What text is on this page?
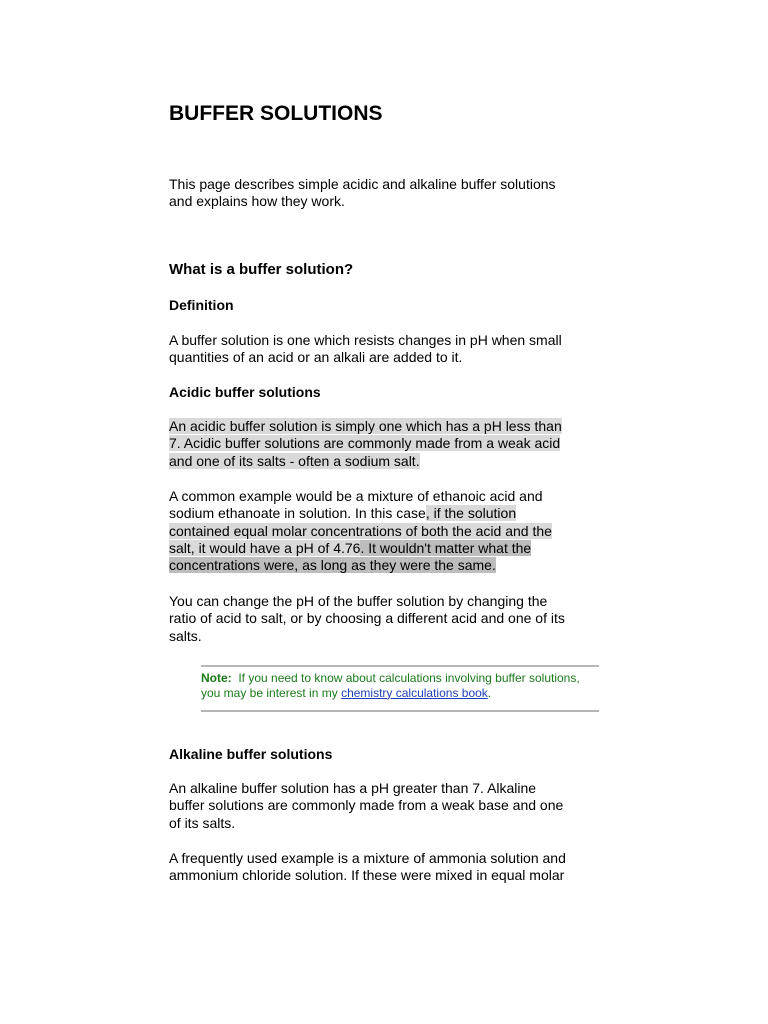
BUFFER SOLUTIONS
This page describes simple acidic and alkaline buffer solutions
and explains how they work.
What is a buffer solution?
Definition
A buffer solution is one which resists changes in pH when small
quantities of an acid or an alkali are added to it.
Acidic buffer solutions
An acidic buffer solution is simply one which has a pH less than
7. Acidic buffer solutions are commonly made from a weak acid
and one of its salts - often a sodium salt.
A common example would be a mixture of ethanoic acid and
sodium ethanoate in solution. In this case, if the solution
contained equal molar concentrations of both the acid and the
salt, it would have a pH of 4.76. It wouldn't matter what the
concentrations were, as long as they were the same.
You can change the pH of the buffer solution by changing the
ratio of acid to salt, or by choosing a different acid and one of its
salts.
Note: If you need to know about calculations involving buffer solutions,
you may be interest in my chemistry calculations book.
Alkaline buffer solutions
An alkaline buffer solution has a pH greater than 7. Alkaline
buffer solutions are commonly made from a weak base and one
of its salts.
A frequently used example is a mixture of ammonia solution and
ammonium chloride solution. If these were mixed in equal molar
